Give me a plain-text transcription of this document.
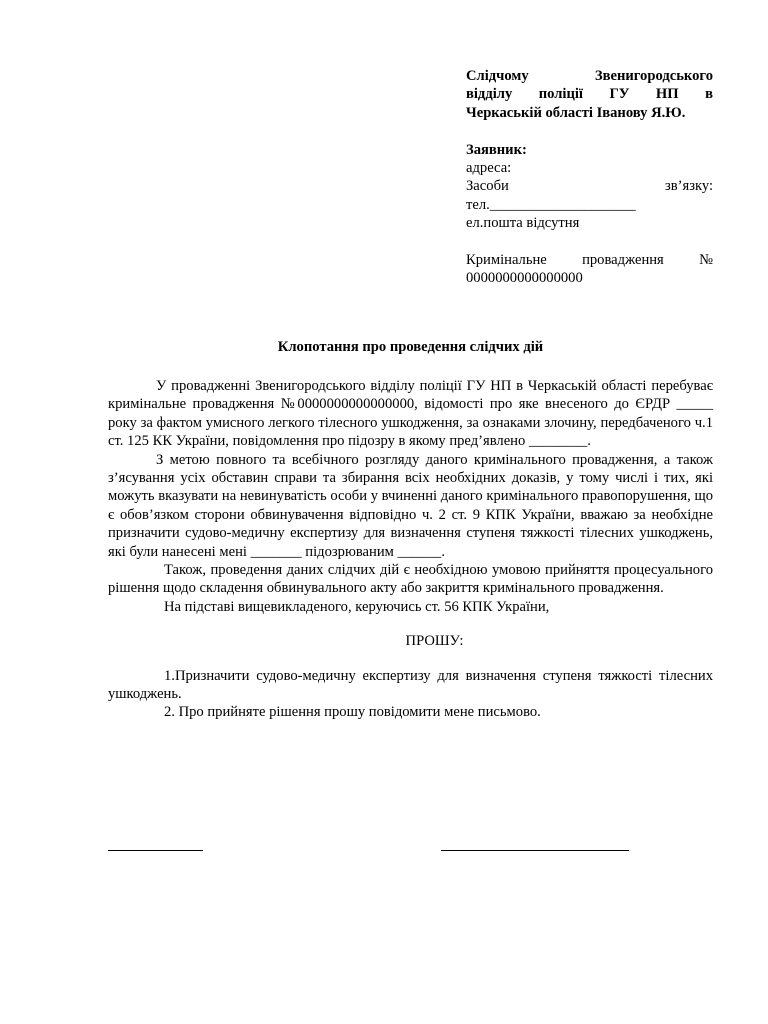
Слідчому Звенигородського
відділу поліції ГУ НП в
Черкаській області Іванову Я.Ю.
Заявник:
адреса:
Засоби зв’язку:
тел.____________________
ел.пошта відсутня
Кримінальне провадження №
0000000000000000
Клопотання про проведення слідчих дій

У провадженні Звенигородського відділу поліції ГУ НП в Черкаській області перебуває кримінальне провадження №0000000000000000, відомості про яке внесеного до ЄРДР _____ року за фактом умисного легкого тілесного ушкодження, за ознаками злочину, передбаченого ч.1 ст. 125 КК України, повідомлення про підозру в якому пред’явлено ________.

З метою повного та всебічного розгляду даного кримінального провадження, а також з’ясування усіх обставин справи та збирання всіх необхідних доказів, у тому числі і тих, які можуть вказувати на невинуватість особи у вчиненні даного кримінального правопорушення, що є обов’язком сторони обвинувачення відповідно ч. 2 ст. 9 КПК України, вважаю за необхідне призначити судово-медичну експертизу для визначення ступеня тяжкості тілесних ушкоджень, які були нанесені мені _______ підозрюваним ______.

Також, проведення даних слідчих дій є необхідною умовою прийняття процесуального рішення щодо складення обвинувального акту або закриття кримінального провадження.

На підставі вищевикладеного, керуючись ст. 56 КПК України,

ПРОШУ:

1.Призначити судово-медичну експертизу для визначення ступеня тяжкості тілесних ушкоджень.

2. Про прийняте рішення прошу повідомити мене письмово.
